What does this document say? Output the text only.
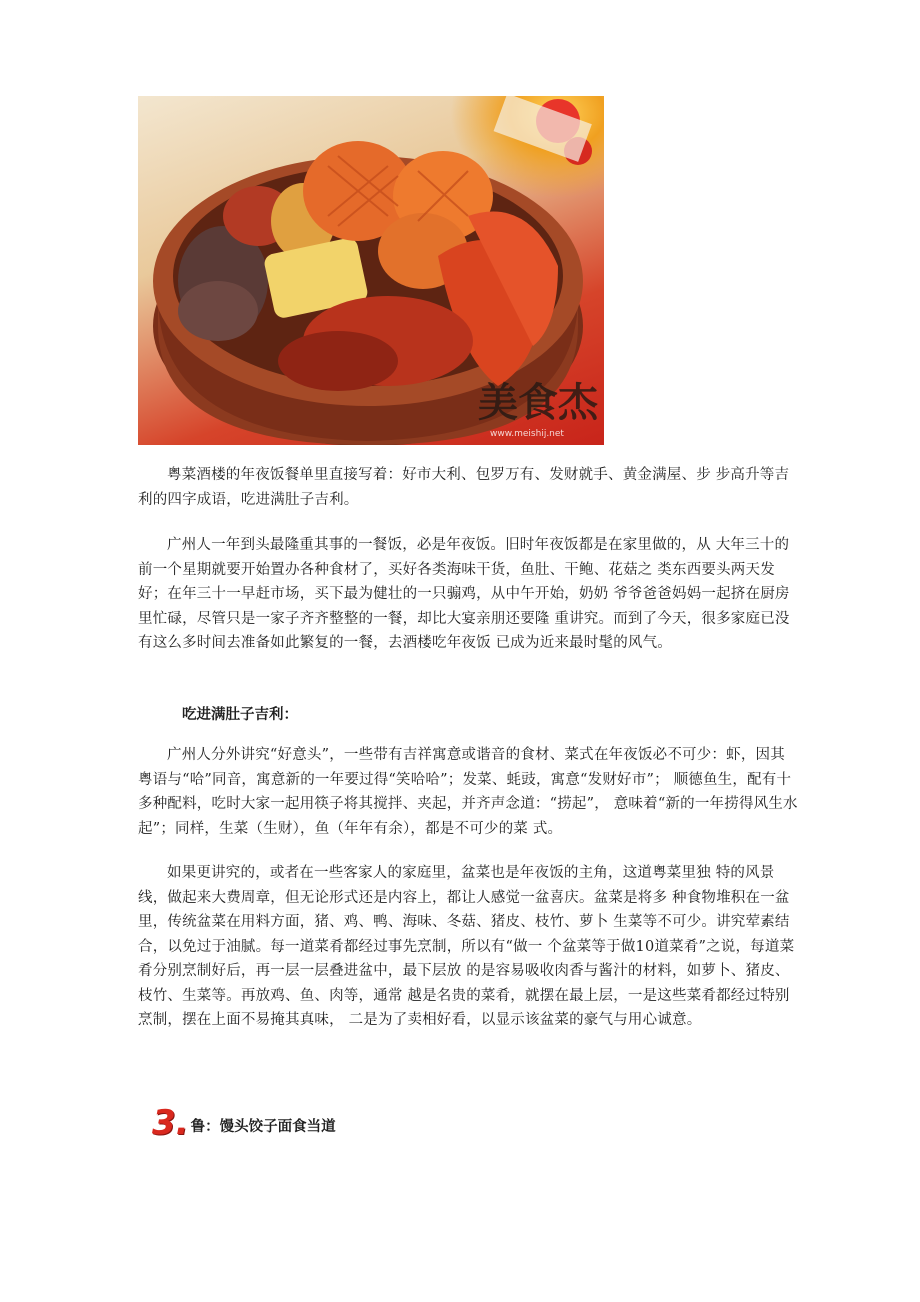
美食杰
www.meishij.net

粤菜酒楼的年夜饭餐单里直接写着：好市大利、包罗万有、发财就手、黄金满屋、步 步高升等吉利的四字成语，吃进满肚子吉利。

广州人一年到头最隆重其事的一餐饭，必是年夜饭。旧时年夜饭都是在家里做的，从 大年三十的前一个星期就要开始置办各种食材了，买好各类海味干货，鱼肚、干鲍、花菇之 类东西要头两天发好；在年三十一早赶市场，买下最为健壮的一只骟鸡，从中午开始，奶奶 爷爷爸爸妈妈一起挤在厨房里忙碌，尽管只是一家子齐齐整整的一餐，却比大宴亲朋还要隆 重讲究。而到了今天，很多家庭已没有这么多时间去准备如此繁复的一餐，去酒楼吃年夜饭 已成为近来最时髦的风气。

吃进满肚子吉利：

广州人分外讲究“好意头”，一些带有吉祥寓意或谐音的食材、菜式在年夜饭必不可少：虾，因其粤语与“哈”同音，寓意新的一年要过得“笑哈哈”；发菜、蚝豉，寓意“发财好市”； 顺德鱼生，配有十多种配料，吃时大家一起用筷子将其搅拌、夹起，并齐声念道：“捞起”， 意味着“新的一年捞得风生水起”；同样，生菜（生财），鱼（年年有余），都是不可少的菜 式。

如果更讲究的，或者在一些客家人的家庭里，盆菜也是年夜饭的主角，这道粤菜里独 特的风景线，做起来大费周章，但无论形式还是内容上，都让人感觉一盆喜庆。盆菜是将多 种食物堆积在一盆里，传统盆菜在用料方面，猪、鸡、鸭、海味、冬菇、猪皮、枝竹、萝卜 生菜等不可少。讲究荤素结合，以免过于油腻。每一道菜肴都经过事先烹制，所以有“做一 个盆菜等于做10道菜肴”之说，每道菜肴分别烹制好后，再一层一层叠进盆中，最下层放 的是容易吸收肉香与酱汁的材料，如萝卜、猪皮、枝竹、生菜等。再放鸡、鱼、肉等，通常 越是名贵的菜肴，就摆在最上层，一是这些菜肴都经过特别烹制，摆在上面不易掩其真味， 二是为了卖相好看，以显示该盆菜的豪气与用心诚意。

3. 鲁：馒头饺子面食当道
